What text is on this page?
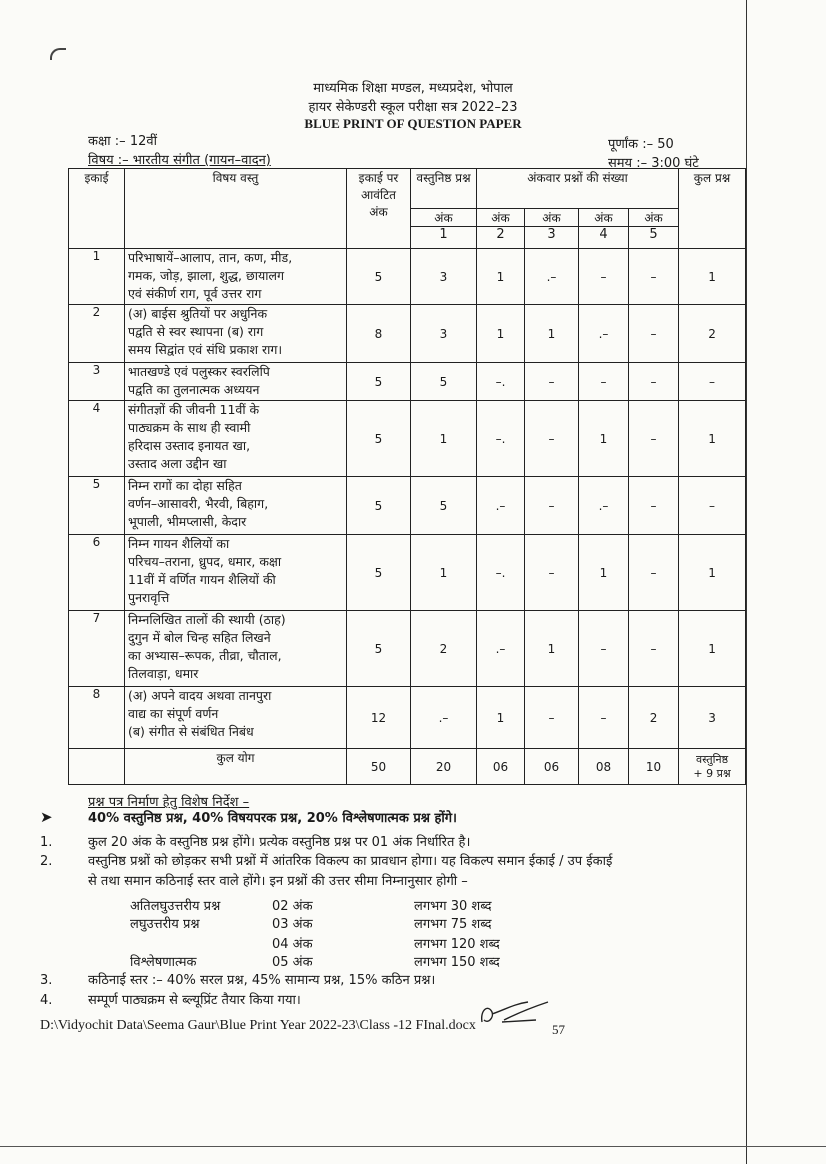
माध्यमिक शिक्षा मण्डल, मध्यप्रदेश, भोपाल
हायर सेकेण्डरी स्कूल परीक्षा सत्र 2022–23
BLUE PRINT OF QUESTION PAPER
कक्षा :– 12वीं
विषय :– भारतीय संगीत (गायन–वादन)
पूर्णांक :– 50
समय :– 3:00 घंटे
इकाई	विषय वस्तु	इकाई पर आवंटित अंक	वस्तुनिष्ठ प्रश्न	अंकवार प्रश्नों की संख्या				कुल प्रश्न
			अंक	अंक	अंक	अंक	अंक	
			1	2	3	4	5	
1	परिभाषायें–आलाप, तान, कण, मीड,
गमक, जोड़, झाला, शुद्ध, छायालग
एवं संकीर्ण राग, पूर्व उत्तर राग	5	3	1	.–	–	–	1
2	(अ) बाईस श्रुतियों पर अधुनिक
पद्वति से स्वर स्थापना (ब) राग
समय सिद्वांत एवं संधि प्रकाश राग।	8	3	1	1	.–	–	2
3	भातखण्डे एवं पलुस्कर स्वरलिपि
पद्वति का तुलनात्मक अध्ययन	5	5	–.	–	–	–	–
4	संगीतज्ञों की जीवनी 11वीं के
पाठ्यक्रम के साथ ही स्वामी
हरिदास उस्ताद इनायत खा,
उस्ताद अला उद्दीन खा	5	1	–.	–	1	–	1
5	निम्न रागों का दोहा सहित
वर्णन–आसावरी, भैरवी, बिहाग,
भूपाली, भीमप्लासी, केदार	5	5	.–	–	.–	–	–
6	निम्न गायन शैलियों का
परिचय–तराना, ध्रुपद, धमार, कक्षा
11वीं में वर्णित गायन शैलियों की
पुनरावृत्ति	5	1	–.	–	1	–	1
7	निम्नलिखित तालों की स्थायी (ठाह)
दुगुन में बोल चिन्ह सहित लिखने
का अभ्यास–रूपक, तीव्रा, चौताल,
तिलवाड़ा, धमार	5	2	.–	1	–	–	1
8	(अ) अपने वादय अथवा तानपुरा
वाद्य का संपूर्ण वर्णन
(ब) संगीत से संबंधित निबंध	12	.–	1	–	–	2	3
	कुल योग	50	20	06	06	08	10	वस्तुनिष्ठ
+ 9 प्रश्न
प्रश्न पत्र निर्माण हेतु विशेष निर्देश –
➤	40% वस्तुनिष्ठ प्रश्न, 40% विषयपरक प्रश्न, 20% विश्लेषणात्मक प्रश्न होंगे।
1.	कुल 20 अंक के वस्तुनिष्ठ प्रश्न होंगे। प्रत्येक वस्तुनिष्ठ प्रश्न पर 01 अंक निर्धारित है।
2.	वस्तुनिष्ठ प्रश्नों को छोड़कर सभी प्रश्नों में आंतरिक विकल्प का प्रावधान होगा। यह विकल्प समान ईकाई / उप ईकाई
से तथा समान कठिनाई स्तर वाले होंगे। इन प्रश्नों की उत्तर सीमा निम्नानुसार होगी –
अतिलघुउत्तरीय प्रश्न	02 अंक	लगभग 30 शब्द
लघुउत्तरीय प्रश्न	03 अंक	लगभग 75 शब्द
04 अंक	लगभग 120 शब्द
विश्लेषणात्मक	05 अंक	लगभग 150 शब्द
3.	कठिनाई स्तर :– 40% सरल प्रश्न, 45% सामान्य प्रश्न, 15% कठिन प्रश्न।
4.	सम्पूर्ण पाठ्यक्रम से ब्ल्यूप्रिंट तैयार किया गया।
D:\Vidyochit Data\Seema Gaur\Blue Print Year 2022-23\Class -12 FInal.docx	57
